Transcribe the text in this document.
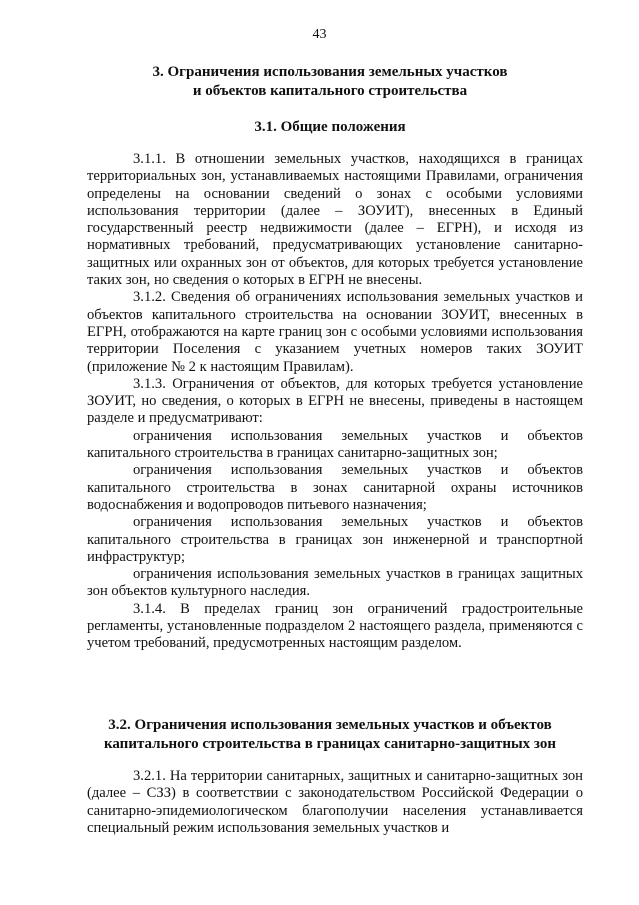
43
3. Ограничения использования земельных участков
и объектов капитального строительства
3.1. Общие положения

3.1.1. В отношении земельных участков, находящихся в границах территориальных зон, устанавливаемых настоящими Правилами, ограничения определены на основании сведений о зонах с особыми условиями использования территории (далее – ЗОУИТ), внесенных в Единый государственный реестр недвижимости (далее – ЕГРН), и исходя из нормативных требований, предусматривающих установление санитарно-защитных или охранных зон от объектов, для которых требуется установление таких зон, но сведения о которых в ЕГРН не внесены.

3.1.2. Сведения об ограничениях использования земельных участков и объектов капитального строительства на основании ЗОУИТ, внесенных в ЕГРН, отображаются на карте границ зон с особыми условиями использования территории Поселения с указанием учетных номеров таких ЗОУИТ (приложение № 2 к настоящим Правилам).

3.1.3. Ограничения от объектов, для которых требуется установление ЗОУИТ, но сведения, о которых в ЕГРН не внесены, приведены в настоящем разделе и предусматривают:

ограничения использования земельных участков и объектов капитального строительства в границах санитарно-защитных зон;

ограничения использования земельных участков и объектов капитального строительства в зонах санитарной охраны источников водоснабжения и водопроводов питьевого назначения;

ограничения использования земельных участков и объектов капитального строительства в границах зон инженерной и транспортной инфраструктур;

ограничения использования земельных участков в границах защитных зон объектов культурного наследия.

3.1.4. В пределах границ зон ограничений градостроительные регламенты, установленные подразделом 2 настоящего раздела, применяются с учетом требований, предусмотренных настоящим разделом.

3.2. Ограничения использования земельных участков и объектов
капитального строительства в границах санитарно-защитных зон

3.2.1. На территории санитарных, защитных и санитарно-защитных зон (далее – СЗЗ) в соответствии с законодательством Российской Федерации о санитарно-эпидемиологическом благополучии населения устанавливается специальный режим использования земельных участков и
